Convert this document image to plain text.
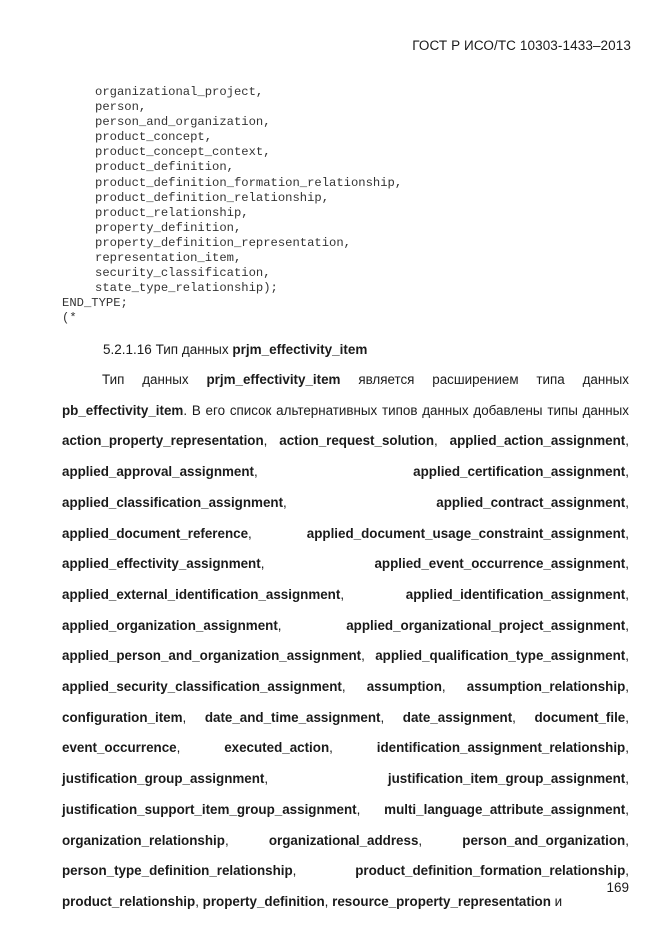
ГОСТ Р ИСО/ТС 10303-1433–2013
organizational_project,
person,
person_and_organization,
product_concept,
product_concept_context,
product_definition,
product_definition_formation_relationship,
product_definition_relationship,
product_relationship,
property_definition,
property_definition_representation,
representation_item,
security_classification,
state_type_relationship);
END_TYPE;
(*
5.2.1.16 Тип данных prjm_effectivity_item
Тип данных prjm_effectivity_item является расширением типа данных pb_effectivity_item. В его список альтернативных типов данных добавлены типы данных action_property_representation, action_request_solution, applied_action_assignment, applied_approval_assignment, applied_certification_assignment, applied_classification_assignment, applied_contract_assignment, applied_document_reference, applied_document_usage_constraint_assignment, applied_effectivity_assignment, applied_event_occurrence_assignment, applied_external_identification_assignment, applied_identification_assignment, applied_organization_assignment, applied_organizational_project_assignment, applied_person_and_organization_assignment, applied_qualification_type_assignment, applied_security_classification_assignment, assumption, assumption_relationship, configuration_item, date_and_time_assignment, date_assignment, document_file, event_occurrence, executed_action, identification_assignment_relationship, justification_group_assignment, justification_item_group_assignment, justification_support_item_group_assignment, multi_language_attribute_assignment, organization_relationship, organizational_address, person_and_organization, person_type_definition_relationship, product_definition_formation_relationship, product_relationship, property_definition, resource_property_representation и
169
